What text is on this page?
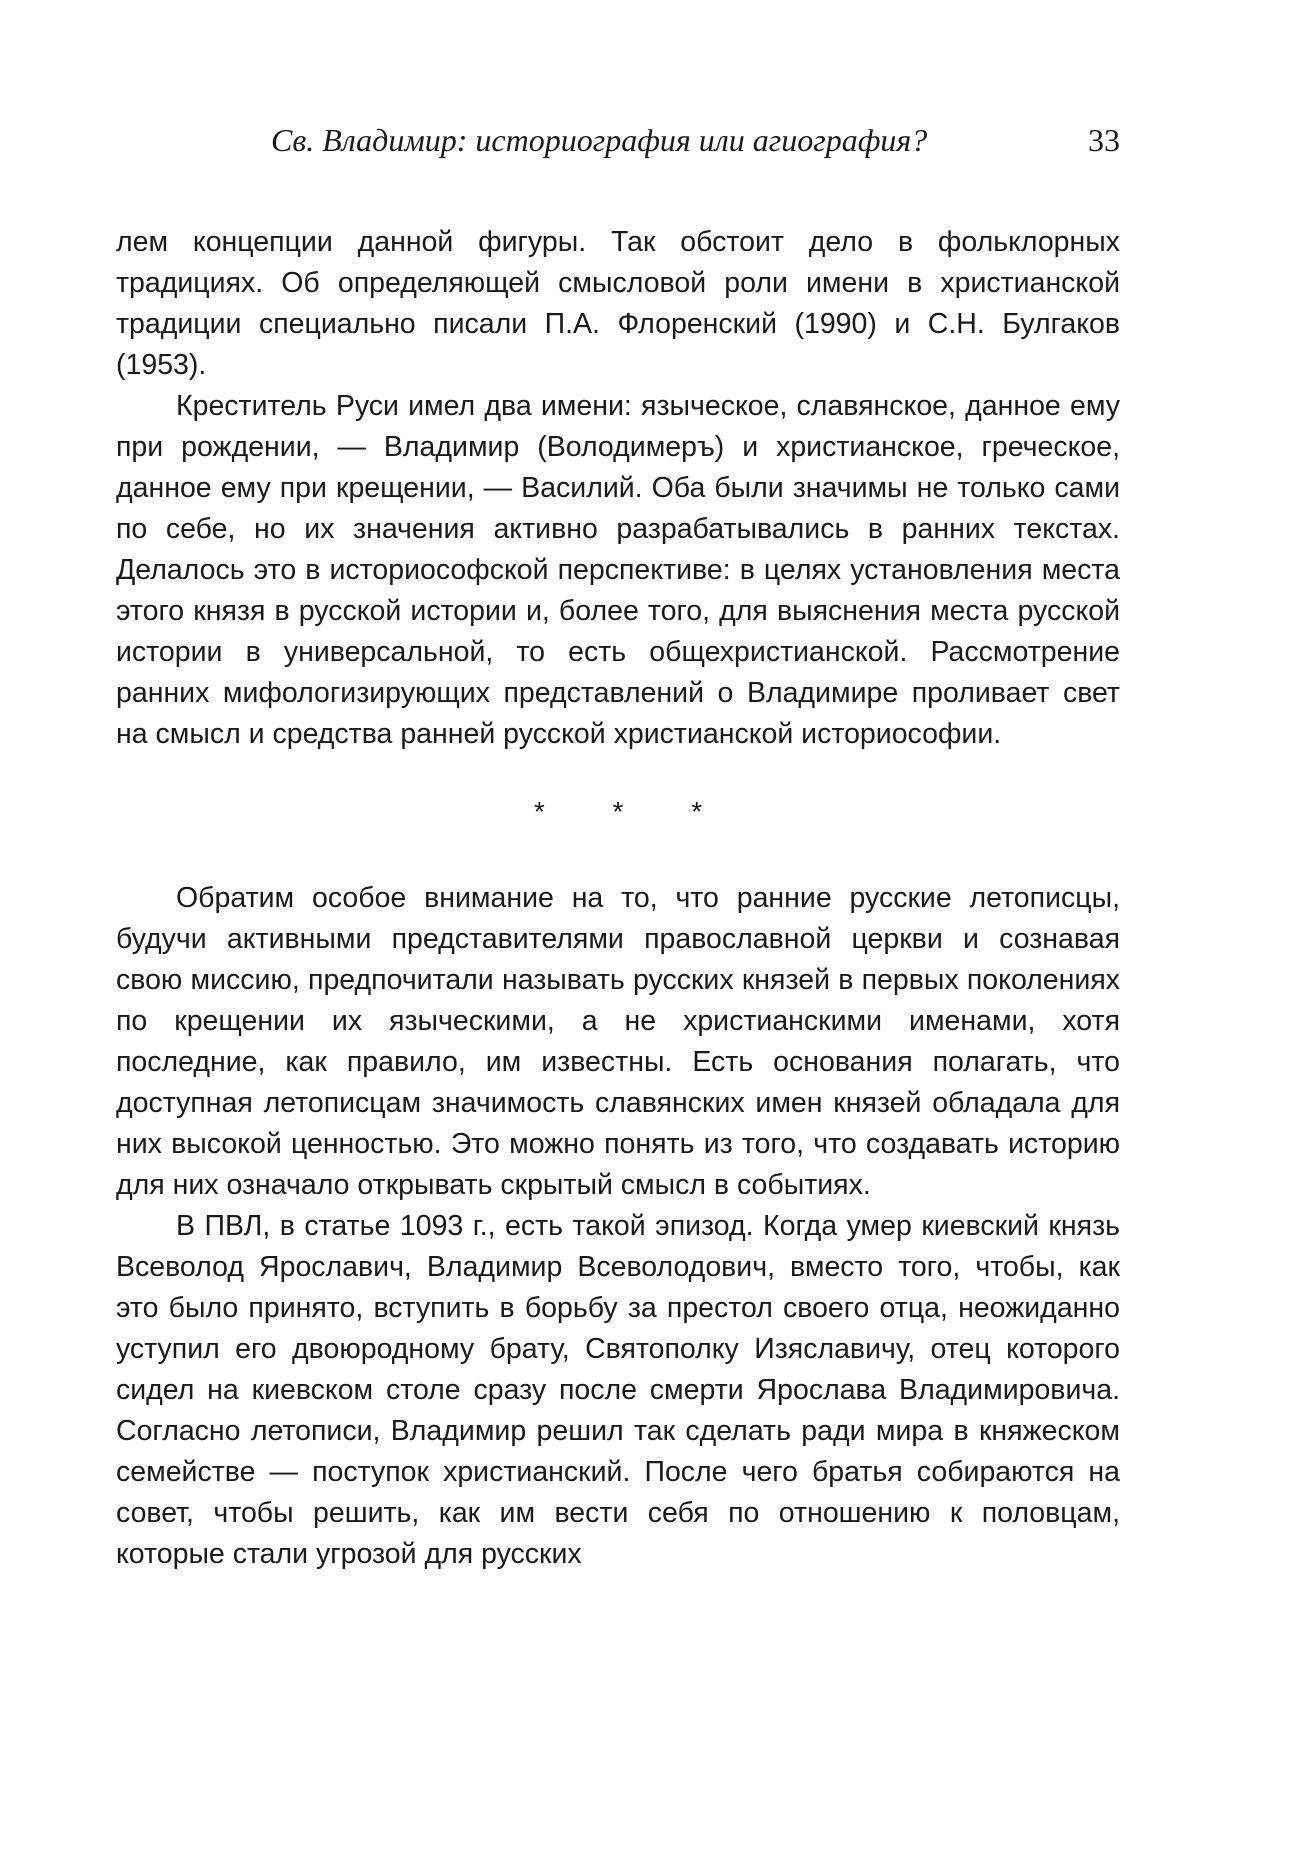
Св. Владимир: историография или агиография?	33

лем концепции данной фигуры. Так обстоит дело в фольклорных традициях. Об определяющей смысловой роли имени в христианской традиции специально писали П.А. Флоренский (1990) и С.Н. Булгаков (1953).

Креститель Руси имел два имени: языческое, славянское, данное ему при рождении, — Владимир (Володимеръ) и христианское, греческое, данное ему при крещении, — Василий. Оба были значимы не только сами по себе, но их значения активно разрабатывались в ранних текстах. Делалось это в историософской перспективе: в целях установления места этого князя в русской истории и, более того, для выяснения места русской истории в универсальной, то есть общехристианской. Рассмотрение ранних мифологизирующих представлений о Владимире проливает свет на смысл и средства ранней русской христианской историософии.

* * *

Обратим особое внимание на то, что ранние русские летописцы, будучи активными представителями православной церкви и сознавая свою миссию, предпочитали называть русских князей в первых поколениях по крещении их языческими, а не христианскими именами, хотя последние, как правило, им известны. Есть основания полагать, что доступная летописцам значимость славянских имен князей обладала для них высокой ценностью. Это можно понять из того, что создавать историю для них означало открывать скрытый смысл в событиях.

В ПВЛ, в статье 1093 г., есть такой эпизод. Когда умер киевский князь Всеволод Ярославич, Владимир Всеволодович, вместо того, чтобы, как это было принято, вступить в борьбу за престол своего отца, неожиданно уступил его двоюродному брату, Святополку Изяславичу, отец которого сидел на киевском столе сразу после смерти Ярослава Владимировича. Согласно летописи, Владимир решил так сделать ради мира в княжеском семействе — поступок христианский. После чего братья собираются на совет, чтобы решить, как им вести себя по отношению к половцам, которые стали угрозой для русских
